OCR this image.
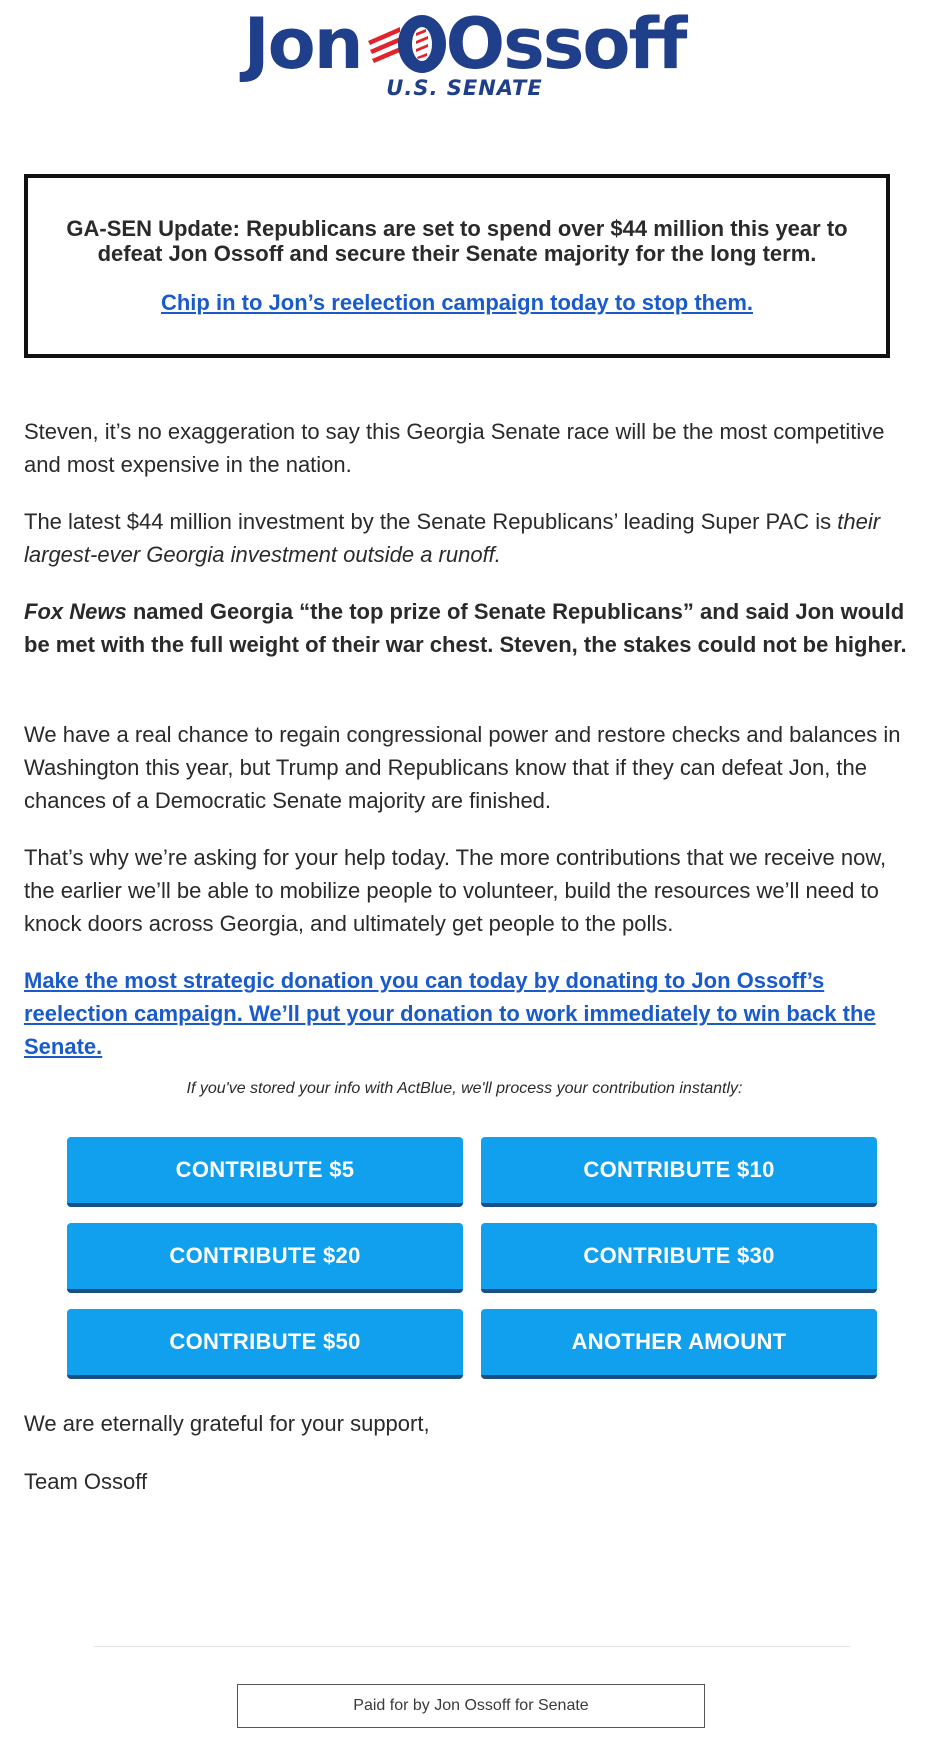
Jon Ossoff
U.S. SENATE
GA-SEN Update: Republicans are set to spend over $44 million this year to defeat Jon Ossoff and secure their Senate majority for the long term.
Chip in to Jon’s reelection campaign today to stop them.

Steven, it’s no exaggeration to say this Georgia Senate race will be the most competitive and most expensive in the nation.

The latest $44 million investment by the Senate Republicans’ leading Super PAC is their largest-ever Georgia investment outside a runoff.

Fox News named Georgia “the top prize of Senate Republicans” and said Jon would be met with the full weight of their war chest. Steven, the stakes could not be higher.

We have a real chance to regain congressional power and restore checks and balances in Washington this year, but Trump and Republicans know that if they can defeat Jon, the chances of a Democratic Senate majority are finished.

That’s why we’re asking for your help today. The more contributions that we receive now, the earlier we’ll be able to mobilize people to volunteer, build the resources we’ll need to knock doors across Georgia, and ultimately get people to the polls.

Make the most strategic donation you can today by donating to Jon Ossoff’s reelection campaign. We’ll put your donation to work immediately to win back the Senate.

If you've stored your info with ActBlue, we'll process your contribution instantly:
CONTRIBUTE $5	CONTRIBUTE $10
CONTRIBUTE $20	CONTRIBUTE $30
CONTRIBUTE $50	ANOTHER AMOUNT

We are eternally grateful for your support,

Team Ossoff

Paid for by Jon Ossoff for Senate
